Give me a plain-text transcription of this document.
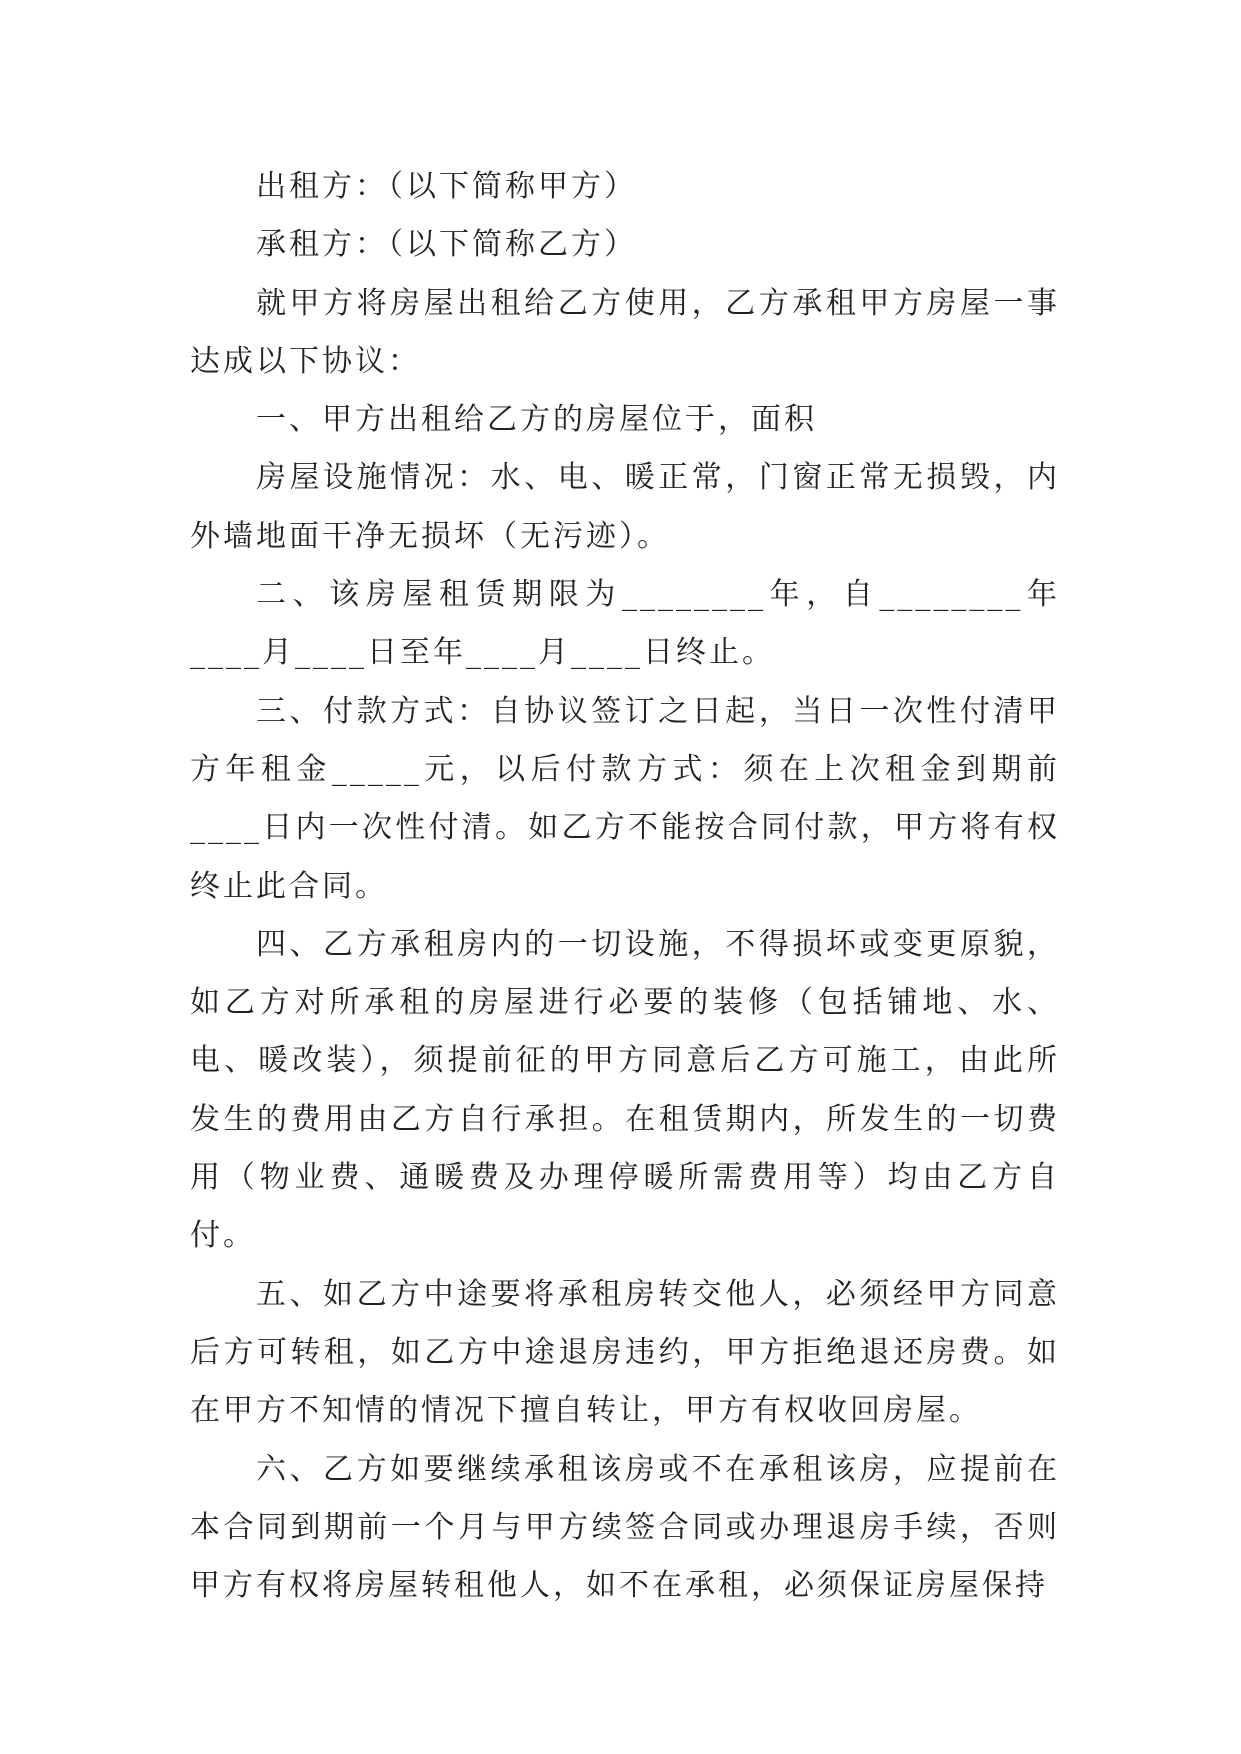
出租方：（以下简称甲方）

承租方：（以下简称乙方）

就甲方将房屋出租给乙方使用，乙方承租甲方房屋一事达成以下协议：

一、甲方出租给乙方的房屋位于，面积

房屋设施情况：水、电、暖正常，门窗正常无损毁，内外墙地面干净无损坏（无污迹）。

二、该房屋租赁期限为________年，自________年____月____日至年____月____日终止。

三、付款方式：自协议签订之日起，当日一次性付清甲方年租金_____元，以后付款方式：须在上次租金到期前____日内一次性付清。如乙方不能按合同付款，甲方将有权终止此合同。

四、乙方承租房内的一切设施，不得损坏或变更原貌，如乙方对所承租的房屋进行必要的装修（包括铺地、水、电、暖改装），须提前征的甲方同意后乙方可施工，由此所发生的费用由乙方自行承担。在租赁期内，所发生的一切费用（物业费、通暖费及办理停暖所需费用等）均由乙方自付。

五、如乙方中途要将承租房转交他人，必须经甲方同意后方可转租，如乙方中途退房违约，甲方拒绝退还房费。如在甲方不知情的情况下擅自转让，甲方有权收回房屋。

六、乙方如要继续承租该房或不在承租该房，应提前在本合同到期前一个月与甲方续签合同或办理退房手续，否则甲方有权将房屋转租他人，如不在承租，必须保证房屋保持
